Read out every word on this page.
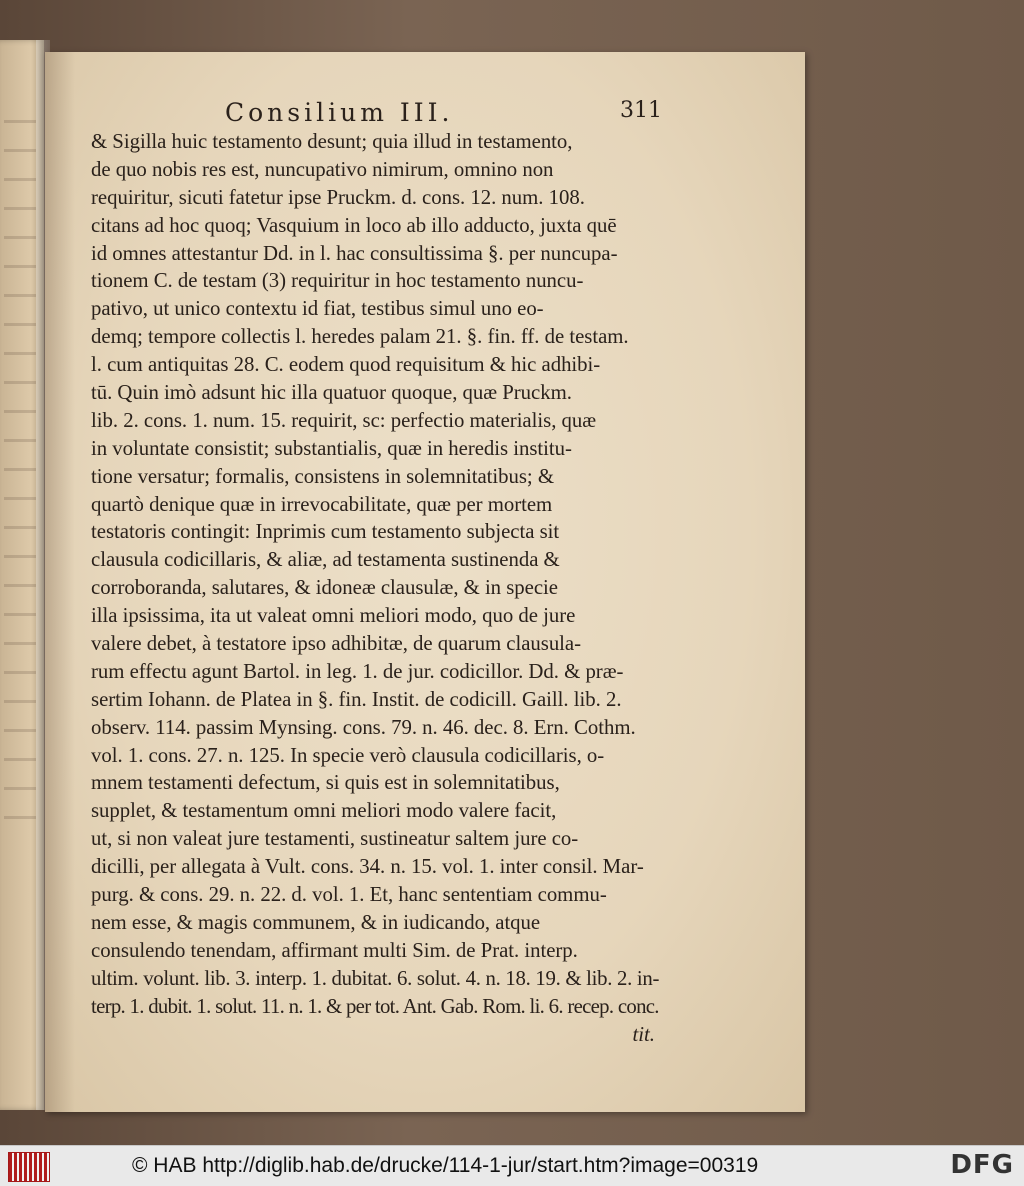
Consilium III.	311
& Sigilla huic testamento desunt; quia illud in testamento,
de quo nobis res est, nuncupativo nimirum, omnino non
requiritur, sicuti fatetur ipse Pruckm. d. cons. 12. num. 108.
citans ad hoc quoq; Vasquium in loco ab illo adducto, juxta quē
id omnes attestantur Dd. in l. hac consultissima §. per nuncupa-
tionem C. de testam (3) requiritur in hoc testamento nuncu-
pativo, ut unico contextu id fiat, testibus simul uno eo-
demq; tempore collectis l. heredes palam 21. §. fin. ff. de testam.
l. cum antiquitas 28. C. eodem quod requisitum & hic adhibi-
tū. Quin imò adsunt hic illa quatuor quoque, quæ Pruckm.
lib. 2. cons. 1. num. 15. requirit, sc: perfectio materialis, quæ
in voluntate consistit; substantialis, quæ in heredis institu-
tione versatur; formalis, consistens in solemnitatibus; &
quartò denique quæ in irrevocabilitate, quæ per mortem
testatoris contingit: Inprimis cum testamento subjecta sit
clausula codicillaris, & aliæ, ad testamenta sustinenda &
corroboranda, salutares, & idoneæ clausulæ, & in specie
illa ipsissima, ita ut valeat omni meliori modo, quo de jure
valere debet, à testatore ipso adhibitæ, de quarum clausula-
rum effectu agunt Bartol. in leg. 1. de jur. codicillor. Dd. & præ-
sertim Iohann. de Platea in §. fin. Instit. de codicill. Gaill. lib. 2.
observ. 114. passim Mynsing. cons. 79. n. 46. dec. 8. Ern. Cothm.
vol. 1. cons. 27. n. 125. In specie verò clausula codicillaris, o-
mnem testamenti defectum, si quis est in solemnitatibus,
supplet, & testamentum omni meliori modo valere facit,
ut, si non valeat jure testamenti, sustineatur saltem jure co-
dicilli, per allegata à Vult. cons. 34. n. 15. vol. 1. inter consil. Mar-
purg. & cons. 29. n. 22. d. vol. 1. Et, hanc sententiam commu-
nem esse, & magis communem, & in iudicando, atque
consulendo tenendam, affirmant multi Sim. de Prat. interp.
ultim. volunt. lib. 3. interp. 1. dubitat. 6. solut. 4. n. 18. 19. & lib. 2. in-
terp. 1. dubit. 1. solut. 11. n. 1. & per tot. Ant. Gab. Rom. li. 6. recep. conc.
tit.
© HAB http://diglib.hab.de/drucke/114-1-jur/start.htm?image=00319	DFG
